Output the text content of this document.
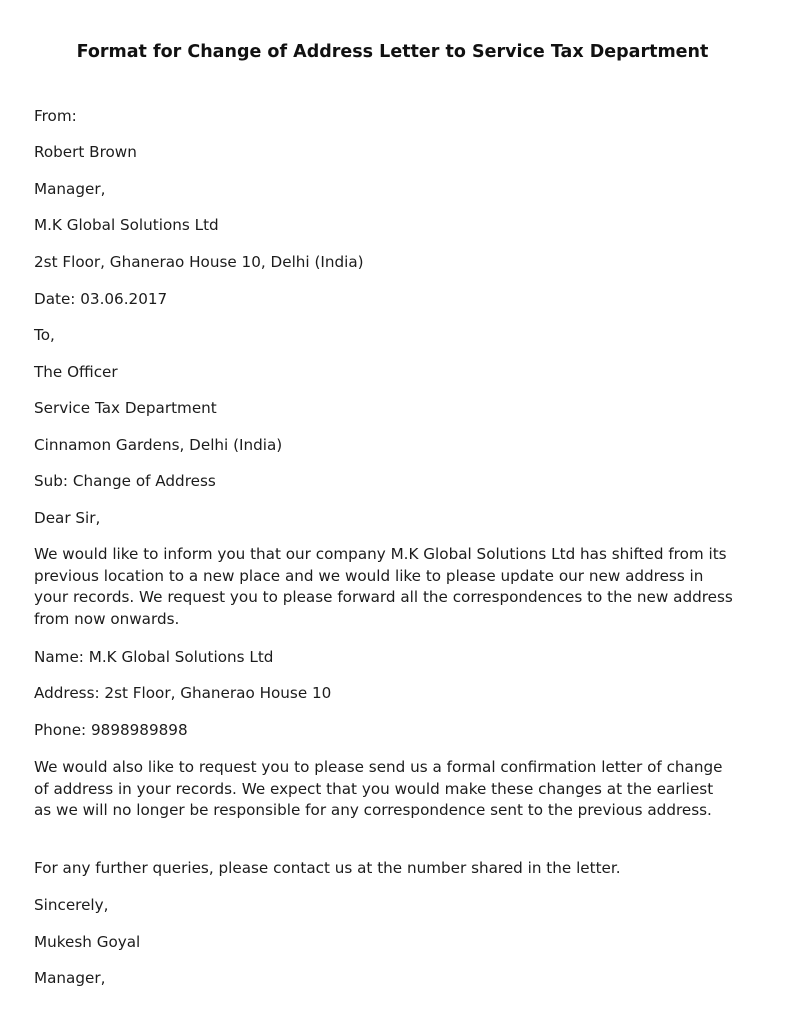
Format for Change of Address Letter to Service Tax Department

From:

Robert Brown

Manager,

M.K Global Solutions Ltd

2st Floor, Ghanerao House 10, Delhi (India)

Date: 03.06.2017

To,

The Officer

Service Tax Department

Cinnamon Gardens, Delhi (India)

Sub: Change of Address

Dear Sir,

We would like to inform you that our company M.K Global Solutions Ltd has shifted from its previous location to a new place and we would like to please update our new address in your records. We request you to please forward all the correspondences to the new address from now onwards.

Name: M.K Global Solutions Ltd

Address: 2st Floor, Ghanerao House 10

Phone: 9898989898

We would also like to request you to please send us a formal confirmation letter of change of address in your records. We expect that you would make these changes at the earliest as we will no longer be responsible for any correspondence sent to the previous address.

For any further queries, please contact us at the number shared in the letter.

Sincerely,

Mukesh Goyal

Manager,
